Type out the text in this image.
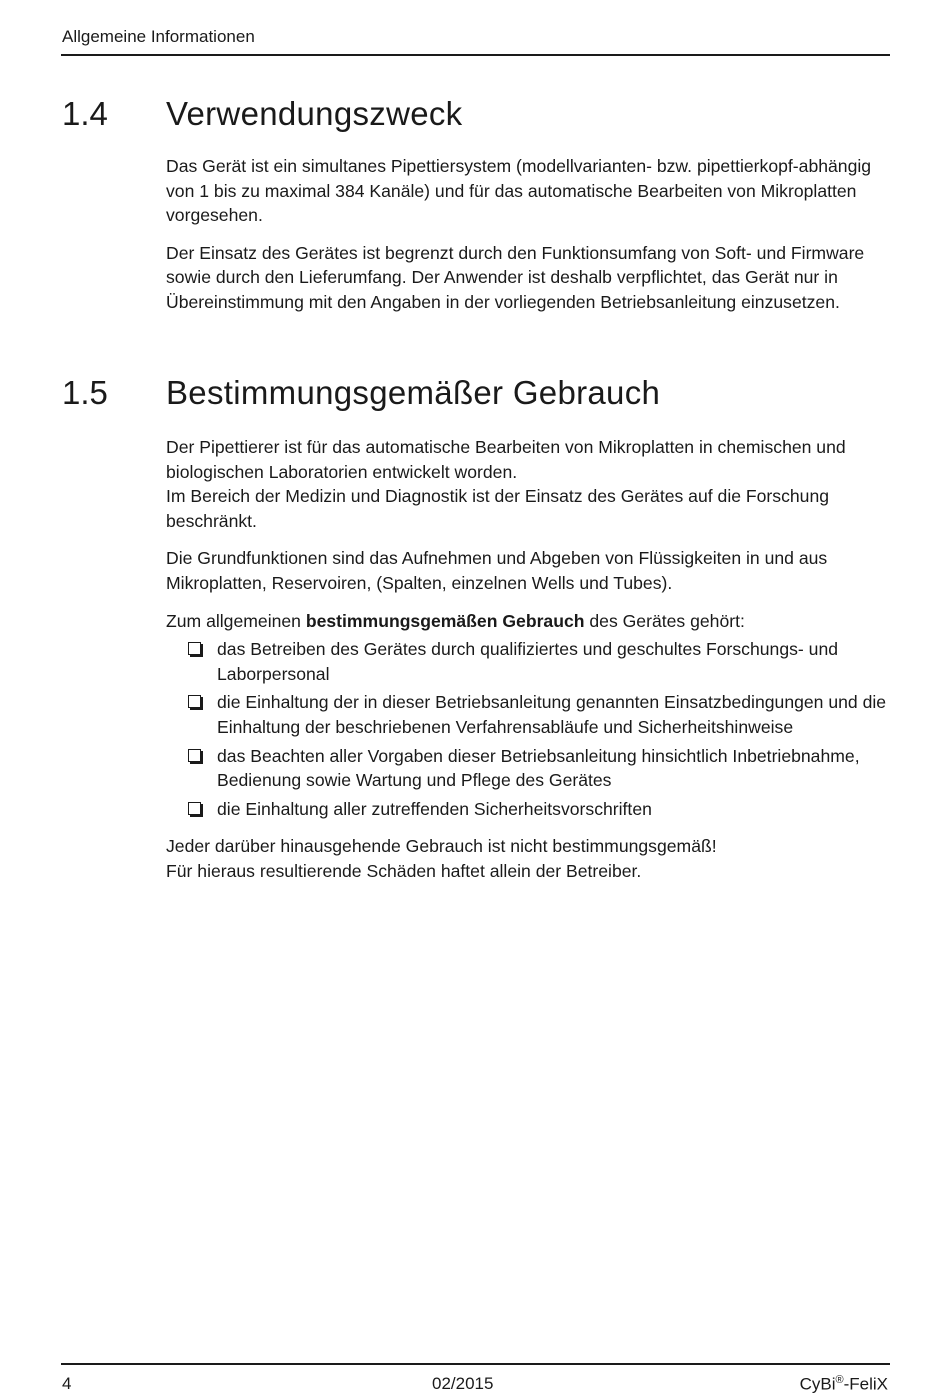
Allgemeine Informationen
1.4 Verwendungszweck

Das Gerät ist ein simultanes Pipettiersystem (modellvarianten- bzw. pipettierkopf-abhängig von 1 bis zu maximal 384 Kanäle) und für das automatische Bearbeiten von Mikroplatten vorgesehen.

Der Einsatz des Gerätes ist begrenzt durch den Funktionsumfang von Soft- und Firmware sowie durch den Lieferumfang. Der Anwender ist deshalb verpflichtet, das Gerät nur in Übereinstimmung mit den Angaben in der vorliegenden Betriebsanleitung einzusetzen.

1.5 Bestimmungsgemäßer Gebrauch

Der Pipettierer ist für das automatische Bearbeiten von Mikroplatten in chemischen und biologischen Laboratorien entwickelt worden.
Im Bereich der Medizin und Diagnostik ist der Einsatz des Gerätes auf die Forschung beschränkt.

Die Grundfunktionen sind das Aufnehmen und Abgeben von Flüssigkeiten in und aus Mikroplatten, Reservoiren, (Spalten, einzelnen Wells und Tubes).

Zum allgemeinen bestimmungsgemäßen Gebrauch des Gerätes gehört:

das Betreiben des Gerätes durch qualifiziertes und geschultes Forschungs- und Laborpersonal
die Einhaltung der in dieser Betriebsanleitung genannten Einsatzbedingungen und die Einhaltung der beschriebenen Verfahrensabläufe und Sicherheitshinweise
das Beachten aller Vorgaben dieser Betriebsanleitung hinsichtlich Inbetriebnahme, Bedienung sowie Wartung und Pflege des Gerätes
die Einhaltung aller zutreffenden Sicherheitsvorschriften

Jeder darüber hinausgehende Gebrauch ist nicht bestimmungsgemäß!
Für hieraus resultierende Schäden haftet allein der Betreiber.

4	02/2015	CyBi®-FeliX
